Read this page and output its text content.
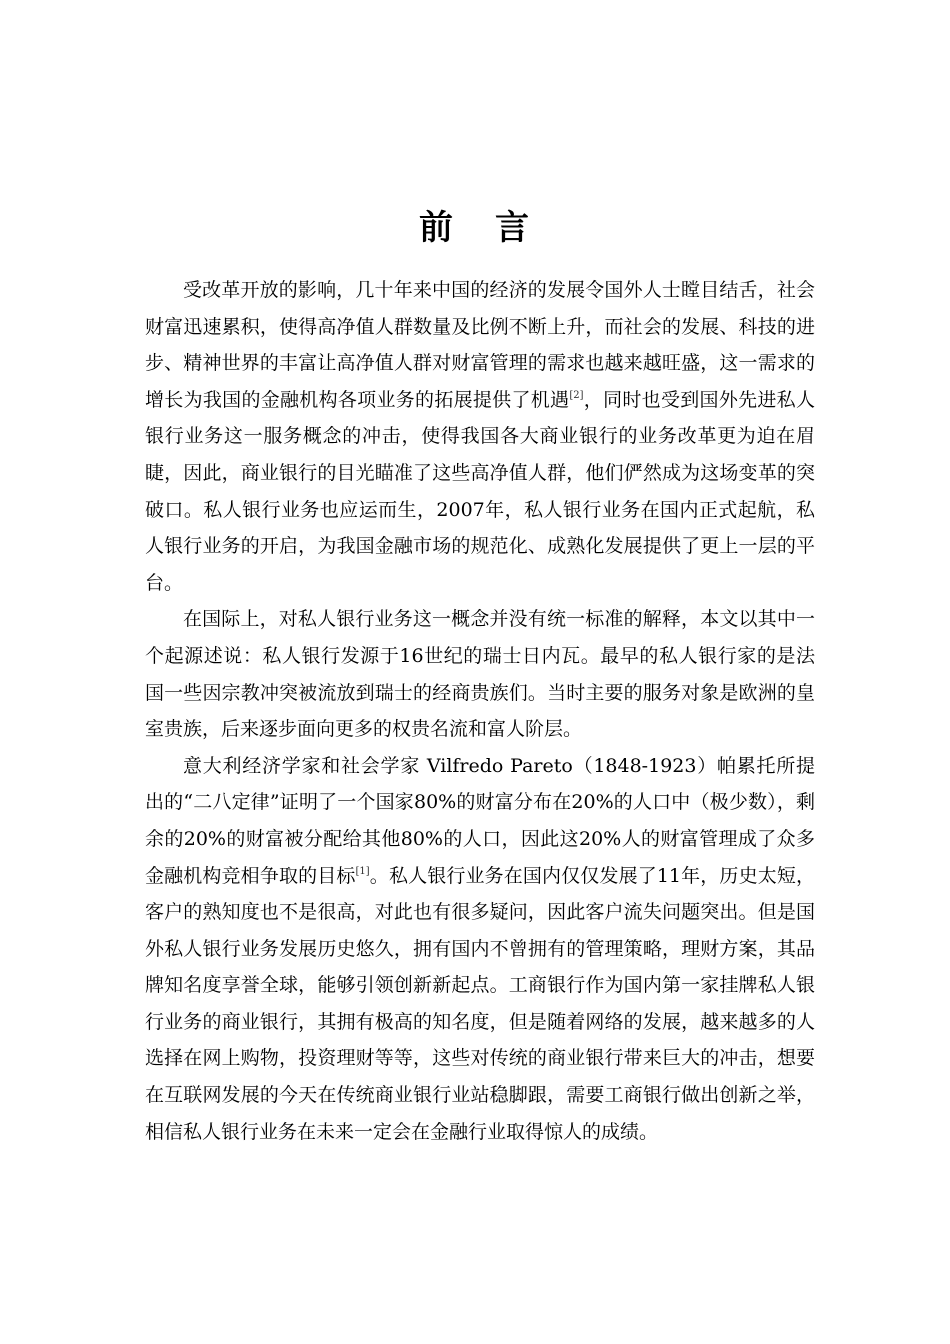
前 言

受改革开放的影响，几十年来中国的经济的发展令国外人士瞠目结舌，社会财富迅速累积，使得高净值人群数量及比例不断上升，而社会的发展、科技的进步、精神世界的丰富让高净值人群对财富管理的需求也越来越旺盛，这一需求的增长为我国的金融机构各项业务的拓展提供了机遇[2]，同时也受到国外先进私人银行业务这一服务概念的冲击，使得我国各大商业银行的业务改革更为迫在眉睫，因此，商业银行的目光瞄准了这些高净值人群，他们俨然成为这场变革的突破口。私人银行业务也应运而生，2007年，私人银行业务在国内正式起航，私人银行业务的开启，为我国金融市场的规范化、成熟化发展提供了更上一层的平台。

在国际上，对私人银行业务这一概念并没有统一标准的解释，本文以其中一个起源述说：私人银行发源于16世纪的瑞士日内瓦。最早的私人银行家的是法国一些因宗教冲突被流放到瑞士的经商贵族们。当时主要的服务对象是欧洲的皇室贵族，后来逐步面向更多的权贵名流和富人阶层。

意大利经济学家和社会学家 Vilfredo Pareto（1848-1923）帕累托所提出的“二八定律”证明了一个国家80%的财富分布在20%的人口中（极少数），剩余的20%的财富被分配给其他80%的人口，因此这20%人的财富管理成了众多金融机构竞相争取的目标[1]。私人银行业务在国内仅仅发展了11年，历史太短，客户的熟知度也不是很高，对此也有很多疑问，因此客户流失问题突出。但是国外私人银行业务发展历史悠久，拥有国内不曾拥有的管理策略，理财方案，其品牌知名度享誉全球，能够引领创新新起点。工商银行作为国内第一家挂牌私人银行业务的商业银行，其拥有极高的知名度，但是随着网络的发展，越来越多的人选择在网上购物，投资理财等等，这些对传统的商业银行带来巨大的冲击，想要在互联网发展的今天在传统商业银行业站稳脚跟，需要工商银行做出创新之举，相信私人银行业务在未来一定会在金融行业取得惊人的成绩。
